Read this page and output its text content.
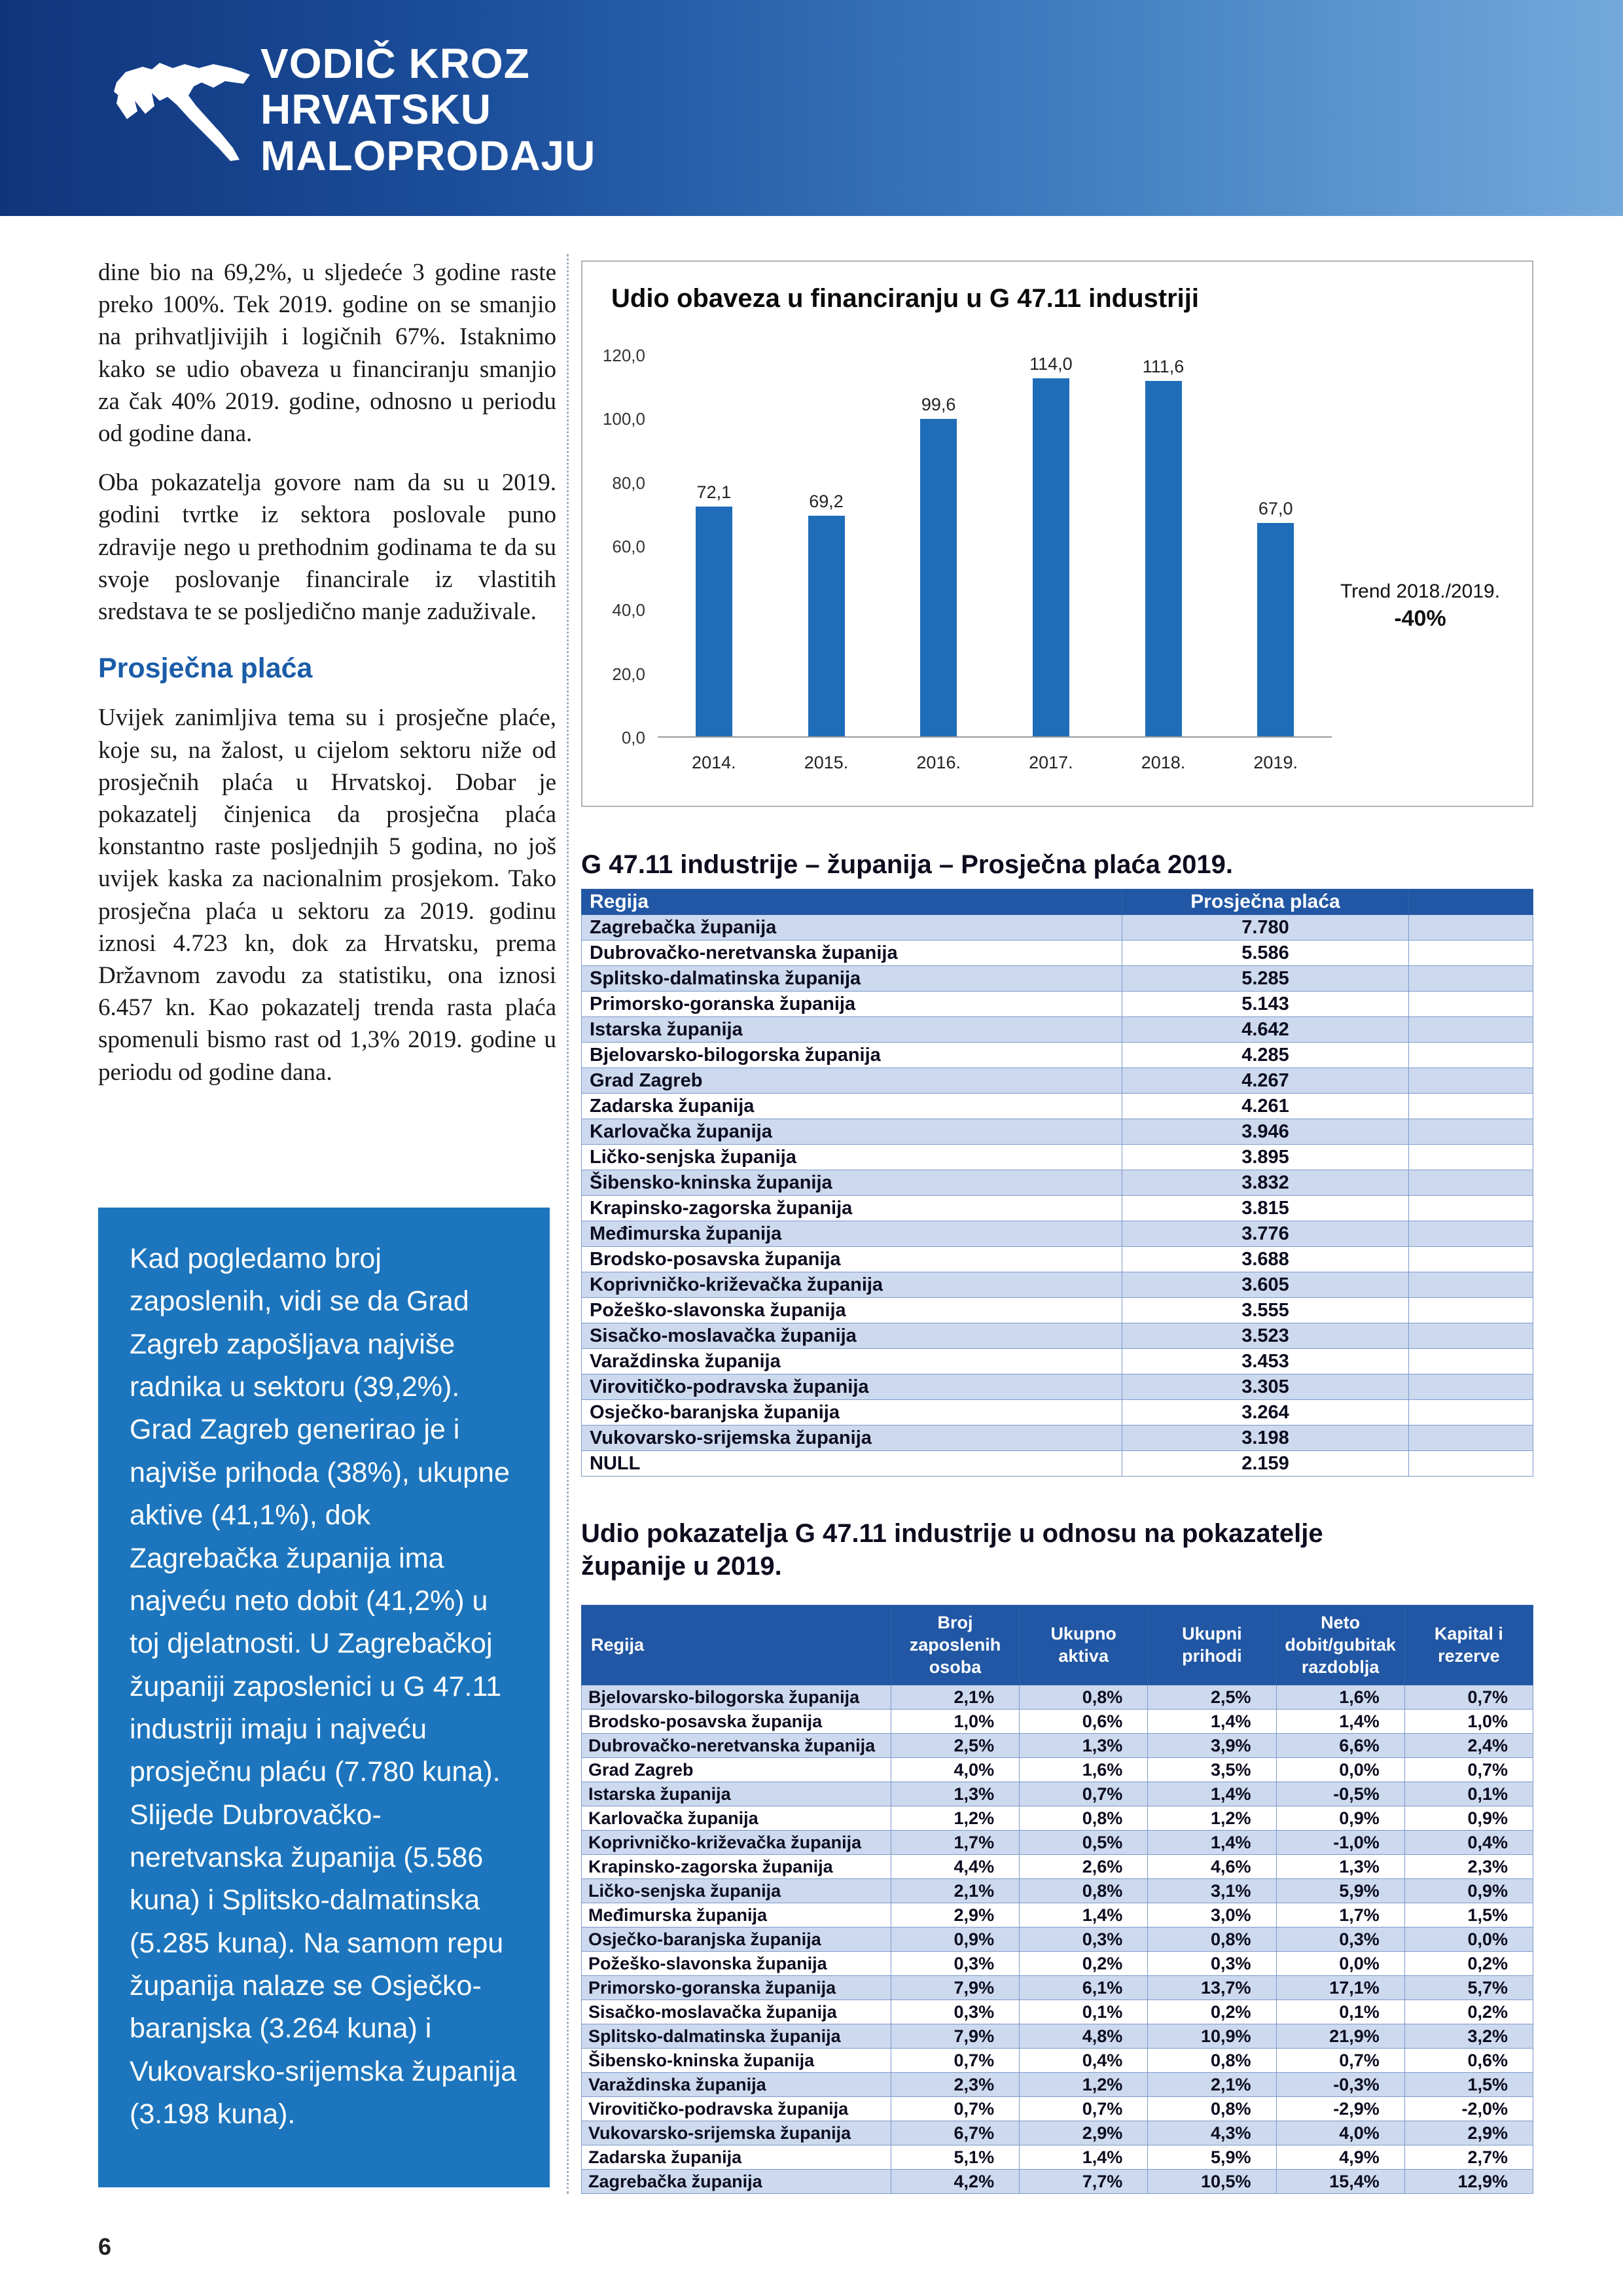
VODIČ KROZ
HRVATSKU
MALOPRODAJU

dine bio na 69,2%, u sljedeće 3 godine raste preko 100%. Tek 2019. godine on se smanjio na prihvatljivijih i logičnih 67%. Istaknimo kako se udio obaveza u financiranju smanjio za čak 40% 2019. godine, odnosno u periodu od godine dana.

Oba pokazatelja govore nam da su u 2019. godini tvrtke iz sektora poslovale puno zdravije nego u prethodnim godinama te da su svoje poslovanje financirale iz vlastitih sredstava te se posljedično manje zaduživale.

Prosječna plaća

Uvijek zanimljiva tema su i prosječne plaće, koje su, na žalost, u cijelom sektoru niže od prosječnih plaća u Hrvatskoj. Dobar je pokazatelj činjenica da prosječna plaća konstantno raste posljednjih 5 godina, no još uvijek kaska za nacionalnim prosjekom. Tako prosječna plaća u sektoru za 2019. godinu iznosi 4.723 kn, dok za Hrvatsku, prema Državnom zavodu za statistiku, ona iznosi 6.457 kn. Kao pokazatelj trenda rasta plaća spomenuli bismo rast od 1,3% 2019. godine u periodu od godine dana.

Kad pogledamo broj zaposlenih, vidi se da Grad Zagreb zapošljava najviše radnika u sektoru (39,2%). Grad Zagreb generirao je i najviše prihoda (38%), ukupne aktive (41,1%), dok Zagrebačka županija ima najveću neto dobit (41,2%) u toj djelatnosti. U Zagrebačkoj županiji zaposlenici u G 47.11 industriji imaju i najveću prosječnu plaću (7.780 kuna). Slijede Dubrovačko-neretvanska županija (5.586 kuna) i Splitsko-dalmatinska (5.285 kuna). Na samom repu županija nalaze se Osječko-baranjska (3.264 kuna) i Vukovarsko-srijemska županija (3.198 kuna).

Udio obaveza u financiranju u G 47.11 industriji
0,0
20,0
40,0
60,0
80,0
100,0
120,0
72,1	69,2
99,6
114,0	111,6
67,0
2014.	2015.	2016.	2017.	2018.	2019.
Trend 2018./2019.
-40%
G 47.11 industrije – županija – Prosječna plaća 2019.
Regija	Prosječna plaća	
Zagrebačka županija	7.780	
Dubrovačko-neretvanska županija	5.586	
Splitsko-dalmatinska županija	5.285	
Primorsko-goranska županija	5.143	
Istarska županija	4.642	
Bjelovarsko-bilogorska županija	4.285	
Grad Zagreb	4.267	
Zadarska županija	4.261	
Karlovačka županija	3.946	
Ličko-senjska županija	3.895	
Šibensko-kninska županija	3.832	
Krapinsko-zagorska županija	3.815	
Međimurska županija	3.776	
Brodsko-posavska županija	3.688	
Koprivničko-križevačka županija	3.605	
Požeško-slavonska županija	3.555	
Sisačko-moslavačka županija	3.523	
Varaždinska županija	3.453	
Virovitičko-podravska županija	3.305	
Osječko-baranjska županija	3.264	
Vukovarsko-srijemska županija	3.198	
NULL	2.159	
Udio pokazatelja G 47.11 industrije u odnosu na pokazatelje županije u 2019.
Regija	Broj zaposlenih osoba	Ukupno aktiva	Ukupni prihodi	Neto dobit/gubitak razdoblja	Kapital i rezerve
Bjelovarsko-bilogorska županija	2,1%	0,8%	2,5%	1,6%	0,7%
Brodsko-posavska županija	1,0%	0,6%	1,4%	1,4%	1,0%
Dubrovačko-neretvanska županija	2,5%	1,3%	3,9%	6,6%	2,4%
Grad Zagreb	4,0%	1,6%	3,5%	0,0%	0,7%
Istarska županija	1,3%	0,7%	1,4%	-0,5%	0,1%
Karlovačka županija	1,2%	0,8%	1,2%	0,9%	0,9%
Koprivničko-križevačka županija	1,7%	0,5%	1,4%	-1,0%	0,4%
Krapinsko-zagorska županija	4,4%	2,6%	4,6%	1,3%	2,3%
Ličko-senjska županija	2,1%	0,8%	3,1%	5,9%	0,9%
Međimurska županija	2,9%	1,4%	3,0%	1,7%	1,5%
Osječko-baranjska županija	0,9%	0,3%	0,8%	0,3%	0,0%
Požeško-slavonska županija	0,3%	0,2%	0,3%	0,0%	0,2%
Primorsko-goranska županija	7,9%	6,1%	13,7%	17,1%	5,7%
Sisačko-moslavačka županija	0,3%	0,1%	0,2%	0,1%	0,2%
Splitsko-dalmatinska županija	7,9%	4,8%	10,9%	21,9%	3,2%
Šibensko-kninska županija	0,7%	0,4%	0,8%	0,7%	0,6%
Varaždinska županija	2,3%	1,2%	2,1%	-0,3%	1,5%
Virovitičko-podravska županija	0,7%	0,7%	0,8%	-2,9%	-2,0%
Vukovarsko-srijemska županija	6,7%	2,9%	4,3%	4,0%	2,9%
Zadarska županija	5,1%	1,4%	5,9%	4,9%	2,7%
Zagrebačka županija	4,2%	7,7%	10,5%	15,4%	12,9%
6
